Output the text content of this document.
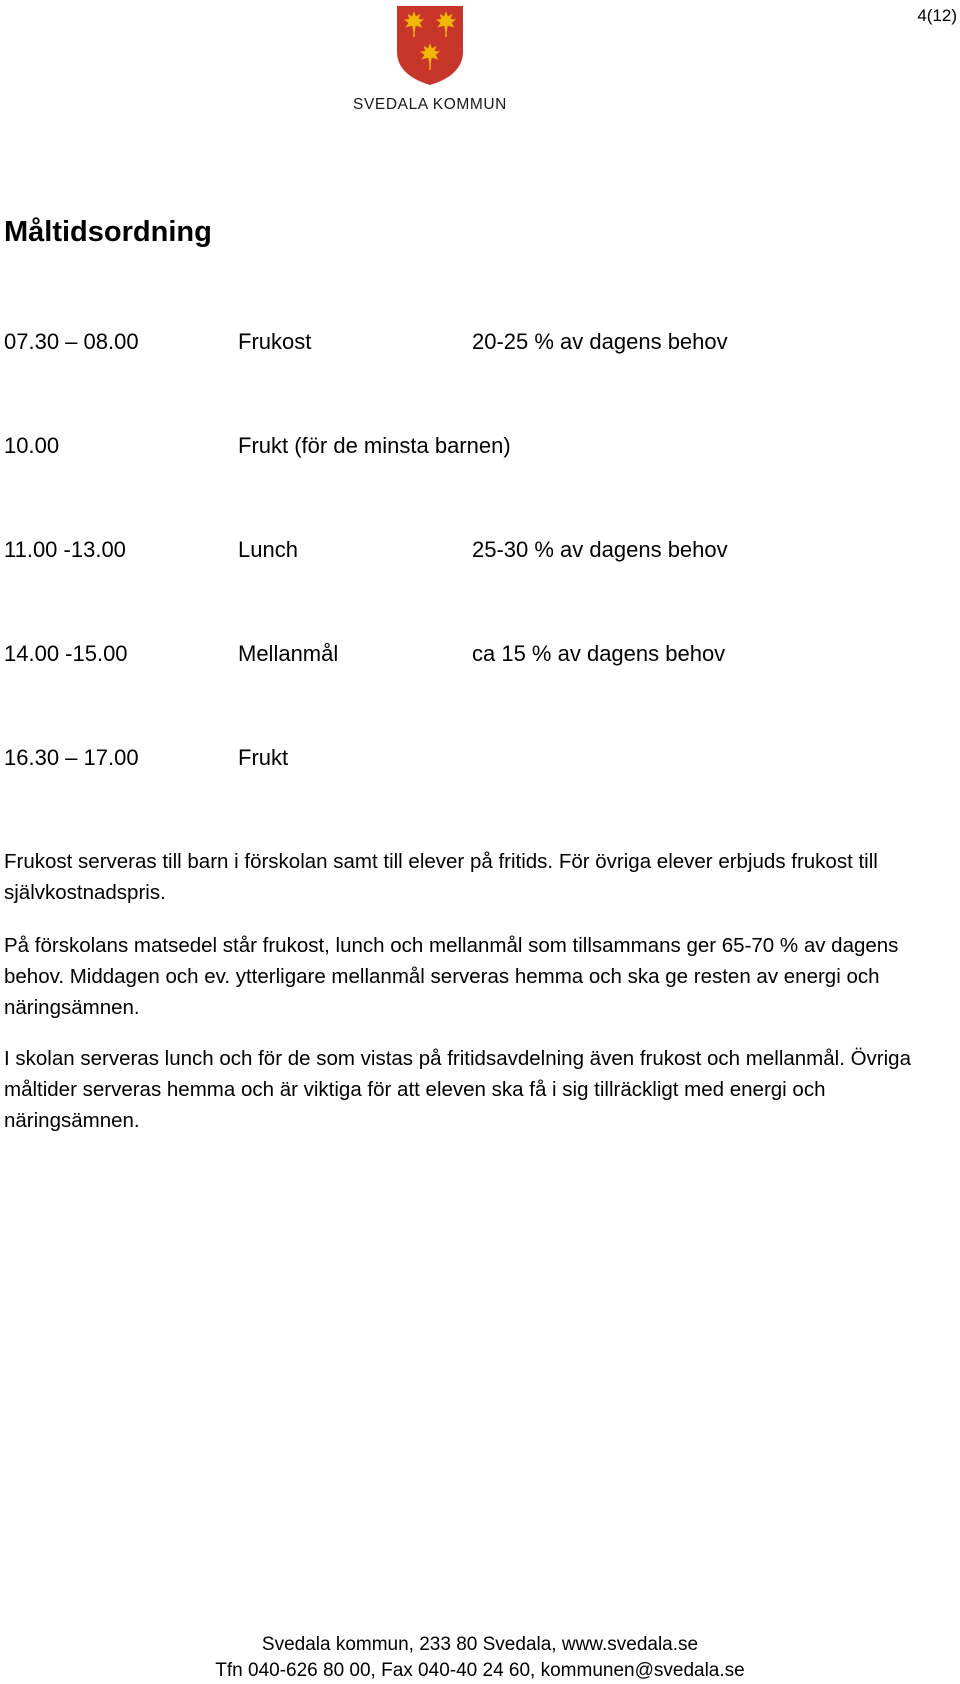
4(12)
SVEDALA KOMMUN
Måltidsordning
07.30 – 08.00	Frukost	20-25 % av dagens behov
10.00	Frukt (för de minsta barnen)
11.00 -13.00	Lunch	25-30 % av dagens behov
14.00 -15.00	Mellanmål	ca 15 % av dagens behov
16.30 – 17.00	Frukt

Frukost serveras till barn i förskolan samt till elever på fritids. För övriga elever erbjuds frukost till självkostnadspris.

På förskolans matsedel står frukost, lunch och mellanmål som tillsammans ger 65-70 % av dagens behov. Middagen och ev. ytterligare mellanmål serveras hemma och ska ge resten av energi och näringsämnen.

I skolan serveras lunch och för de som vistas på fritidsavdelning även frukost och mellanmål. Övriga måltider serveras hemma och är viktiga för att eleven ska få i sig tillräckligt med energi och näringsämnen.

Svedala kommun, 233 80 Svedala, www.svedala.se
Tfn 040-626 80 00, Fax 040-40 24 60, kommunen@svedala.se
